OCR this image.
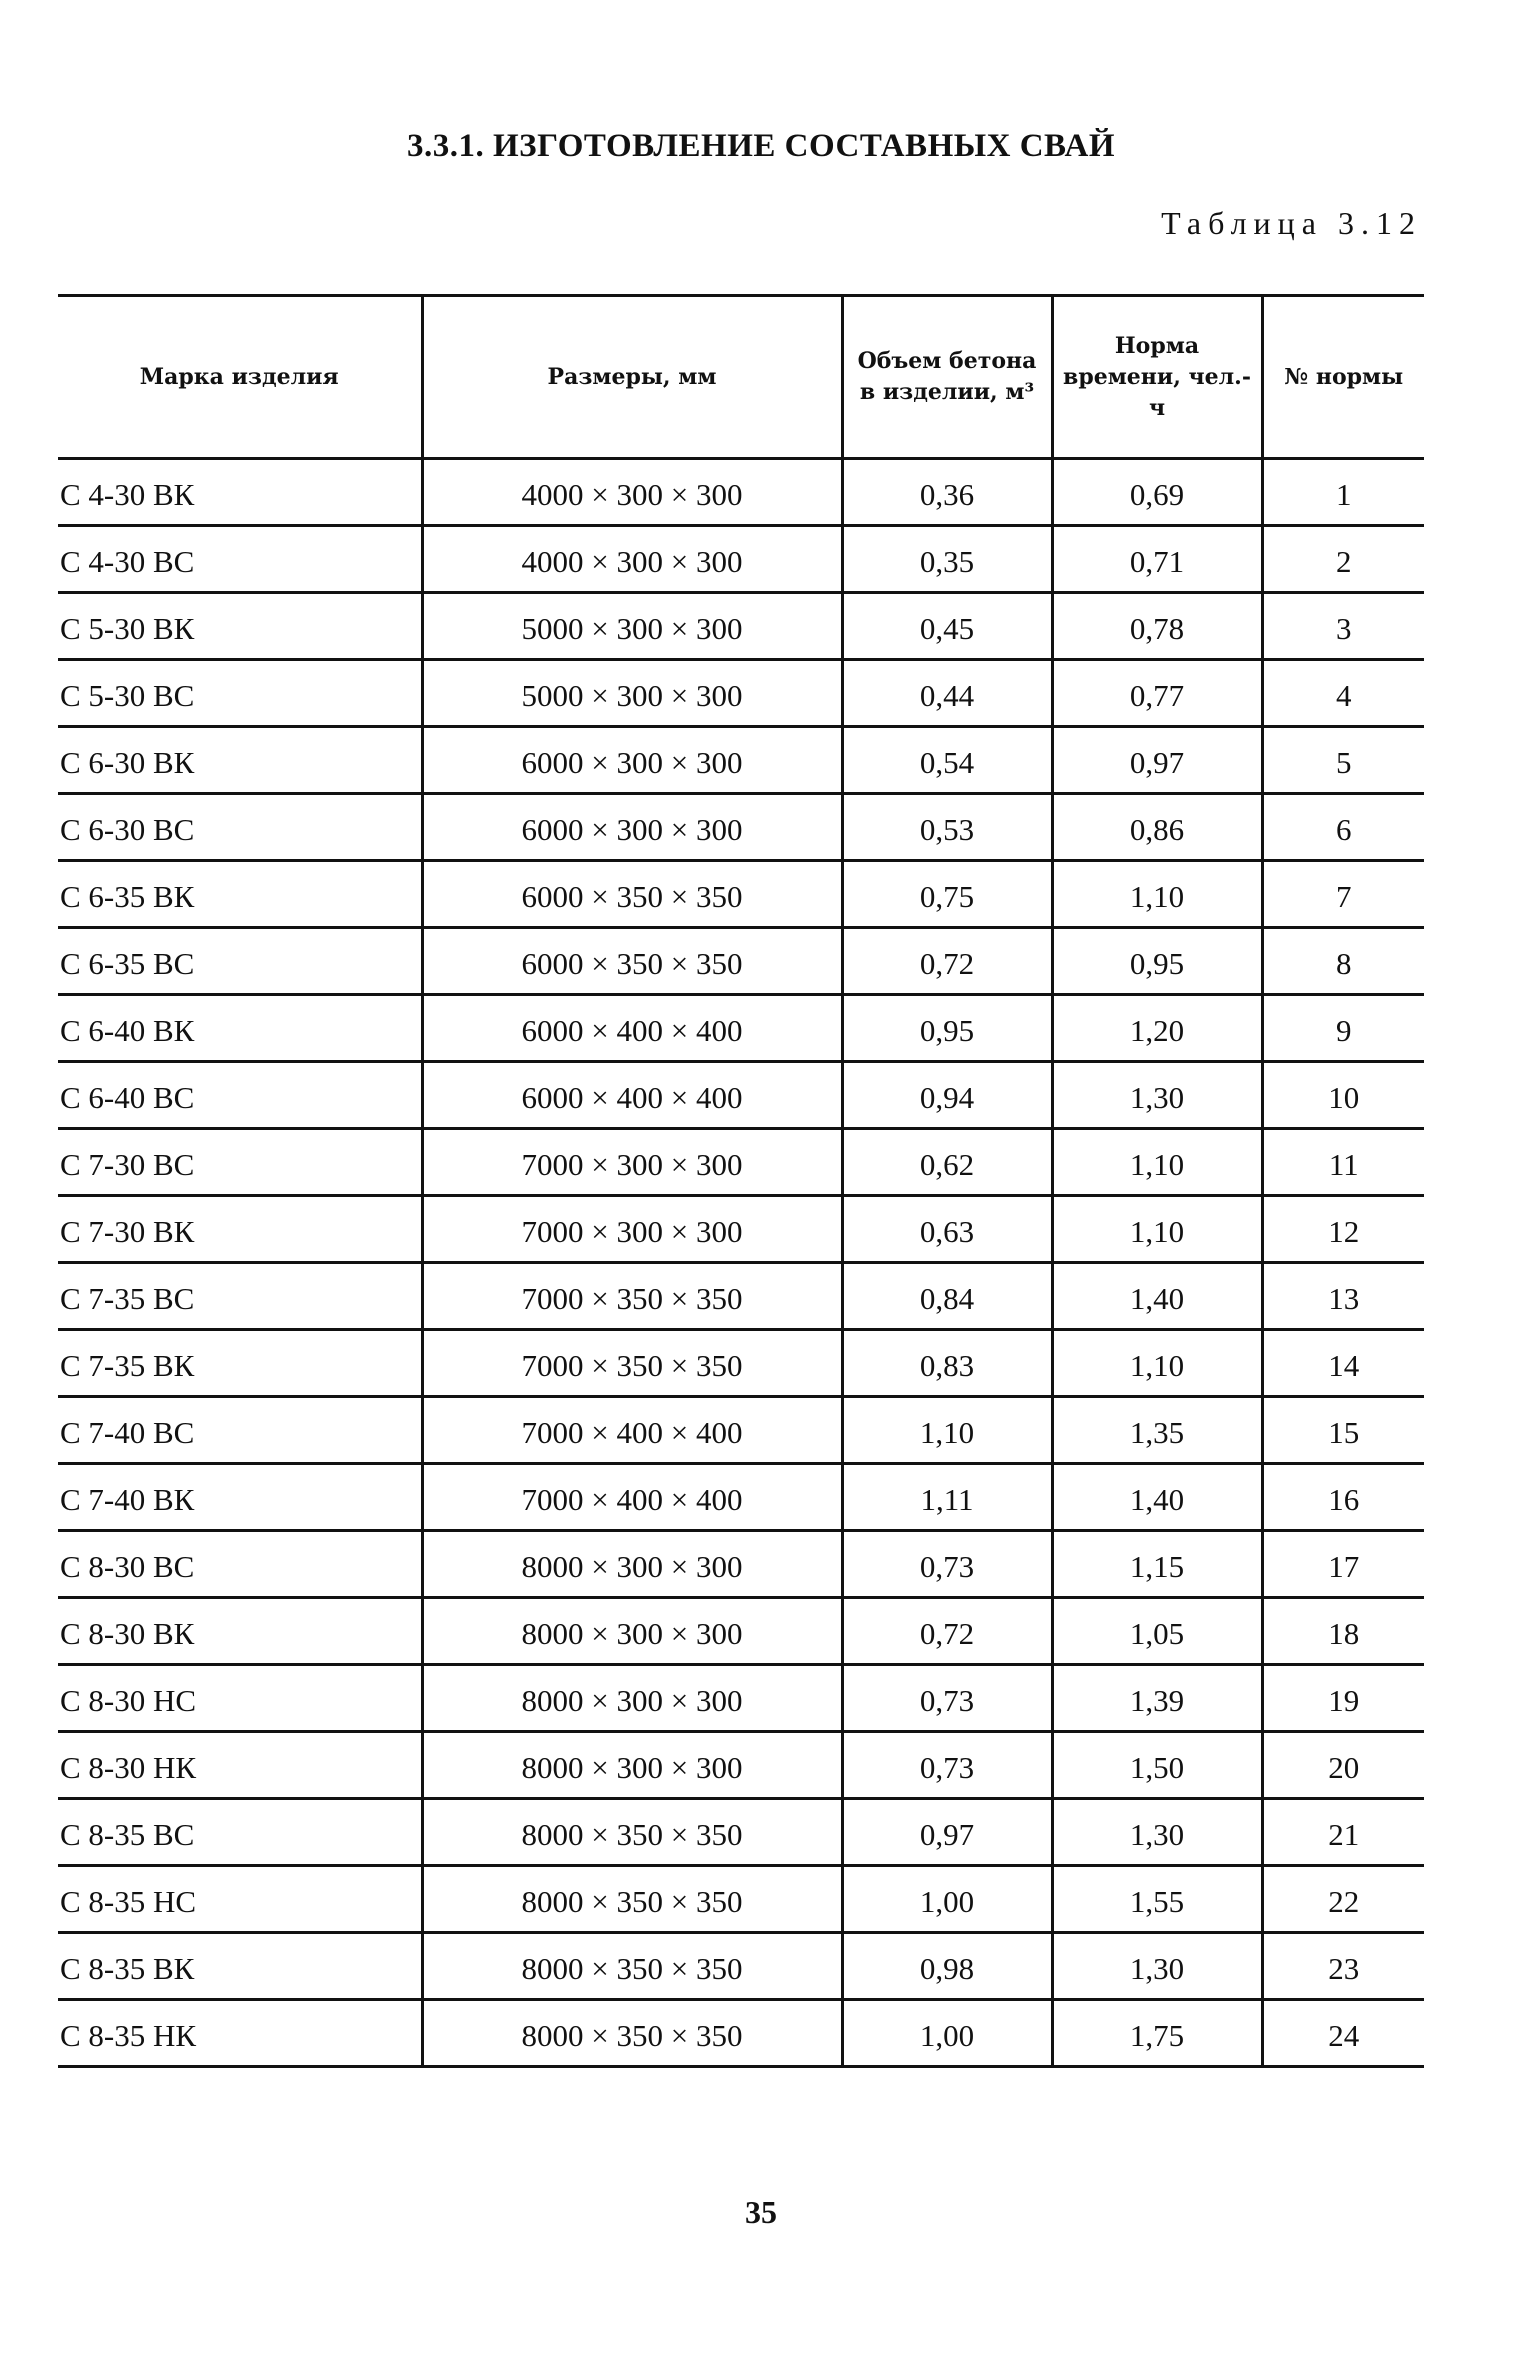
3.3.1. ИЗГОТОВЛЕНИЕ СОСТАВНЫХ СВАЙ
Таблица 3.12
Марка изделия	Размеры, мм	Объем бетона в изделии, м³	Норма времени, чел.-ч	№ нормы
С 4-30 ВК	4000 × 300 × 300	0,36	0,69	1
С 4-30 ВС	4000 × 300 × 300	0,35	0,71	2
С 5-30 ВК	5000 × 300 × 300	0,45	0,78	3
С 5-30 ВС	5000 × 300 × 300	0,44	0,77	4
С 6-30 ВК	6000 × 300 × 300	0,54	0,97	5
С 6-30 ВС	6000 × 300 × 300	0,53	0,86	6
С 6-35 ВК	6000 × 350 × 350	0,75	1,10	7
С 6-35 ВС	6000 × 350 × 350	0,72	0,95	8
С 6-40 ВК	6000 × 400 × 400	0,95	1,20	9
С 6-40 ВС	6000 × 400 × 400	0,94	1,30	10
С 7-30 ВС	7000 × 300 × 300	0,62	1,10	11
С 7-30 ВК	7000 × 300 × 300	0,63	1,10	12
С 7-35 ВС	7000 × 350 × 350	0,84	1,40	13
С 7-35 ВК	7000 × 350 × 350	0,83	1,10	14
С 7-40 ВС	7000 × 400 × 400	1,10	1,35	15
С 7-40 ВК	7000 × 400 × 400	1,11	1,40	16
С 8-30 ВС	8000 × 300 × 300	0,73	1,15	17
С 8-30 ВК	8000 × 300 × 300	0,72	1,05	18
С 8-30 НС	8000 × 300 × 300	0,73	1,39	19
С 8-30 НК	8000 × 300 × 300	0,73	1,50	20
С 8-35 ВС	8000 × 350 × 350	0,97	1,30	21
С 8-35 НС	8000 × 350 × 350	1,00	1,55	22
С 8-35 ВК	8000 × 350 × 350	0,98	1,30	23
С 8-35 НК	8000 × 350 × 350	1,00	1,75	24
35
